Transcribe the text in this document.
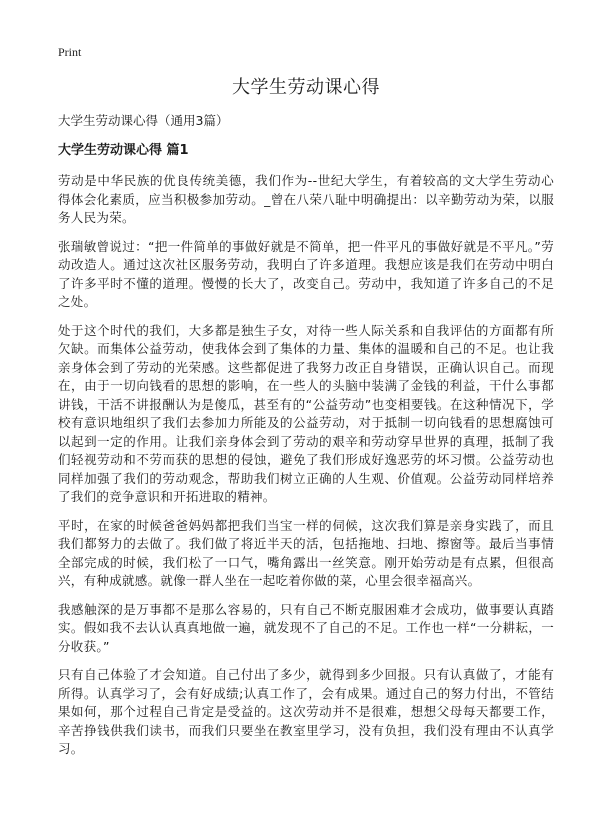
Print
大学生劳动课心得
大学生劳动课心得（通用3篇）
大学生劳动课心得 篇1

劳动是中华民族的优良传统美德，我们作为--世纪大学生，有着较高的文大学生劳动心得体会化素质，应当积极参加劳动。_曾在八荣八耻中明确提出：以辛勤劳动为荣，以服务人民为荣。

张瑞敏曾说过：“把一件简单的事做好就是不简单，把一件平凡的事做好就是不平凡。”劳动改造人。通过这次社区服务劳动，我明白了许多道理。我想应该是我们在劳动中明白了许多平时不懂的道理。慢慢的长大了，改变自己。劳动中，我知道了许多自己的不足之处。

处于这个时代的我们，大多都是独生子女，对待一些人际关系和自我评估的方面都有所欠缺。而集体公益劳动，使我体会到了集体的力量、集体的温暖和自己的不足。也让我亲身体会到了劳动的光荣感。这些都促进了我努力改正自身错误，正确认识自己。而现在，由于一切向钱看的思想的影响，在一些人的头脑中装满了金钱的利益，干什么事都讲钱，干活不讲报酬认为是傻瓜，甚至有的“公益劳动”也变相要钱。在这种情况下，学校有意识地组织了我们去参加力所能及的公益劳动，对于抵制一切向钱看的思想腐蚀可以起到一定的作用。让我们亲身体会到了劳动的艰辛和劳动穿早世界的真理，抵制了我们轻视劳动和不劳而获的思想的侵蚀，避免了我们形成好逸恶劳的坏习惯。公益劳动也同样加强了我们的劳动观念，帮助我们树立正确的人生观、价值观。公益劳动同样培养了我们的竞争意识和开拓进取的精神。

平时，在家的时候爸爸妈妈都把我们当宝一样的伺候，这次我们算是亲身实践了，而且我们都努力的去做了。我们做了将近半天的活，包括拖地、扫地、擦窗等。最后当事情全部完成的时候，我们松了一口气，嘴角露出一丝笑意。刚开始劳动是有点累，但很高兴，有种成就感。就像一群人坐在一起吃着你做的菜，心里会很幸福高兴。

我感触深的是万事都不是那么容易的，只有自己不断克服困难才会成功，做事要认真踏实。假如我不去认认真真地做一遍，就发现不了自己的不足。工作也一样“一分耕耘，一分收获。”

只有自己体验了才会知道。自己付出了多少，就得到多少回报。只有认真做了，才能有所得。认真学习了，会有好成绩;认真工作了，会有成果。通过自己的努力付出，不管结果如何，那个过程自己肯定是受益的。这次劳动并不是很难，想想父母每天都要工作，辛苦挣钱供我们读书，而我们只要坐在教室里学习，没有负担，我们没有理由不认真学习。
